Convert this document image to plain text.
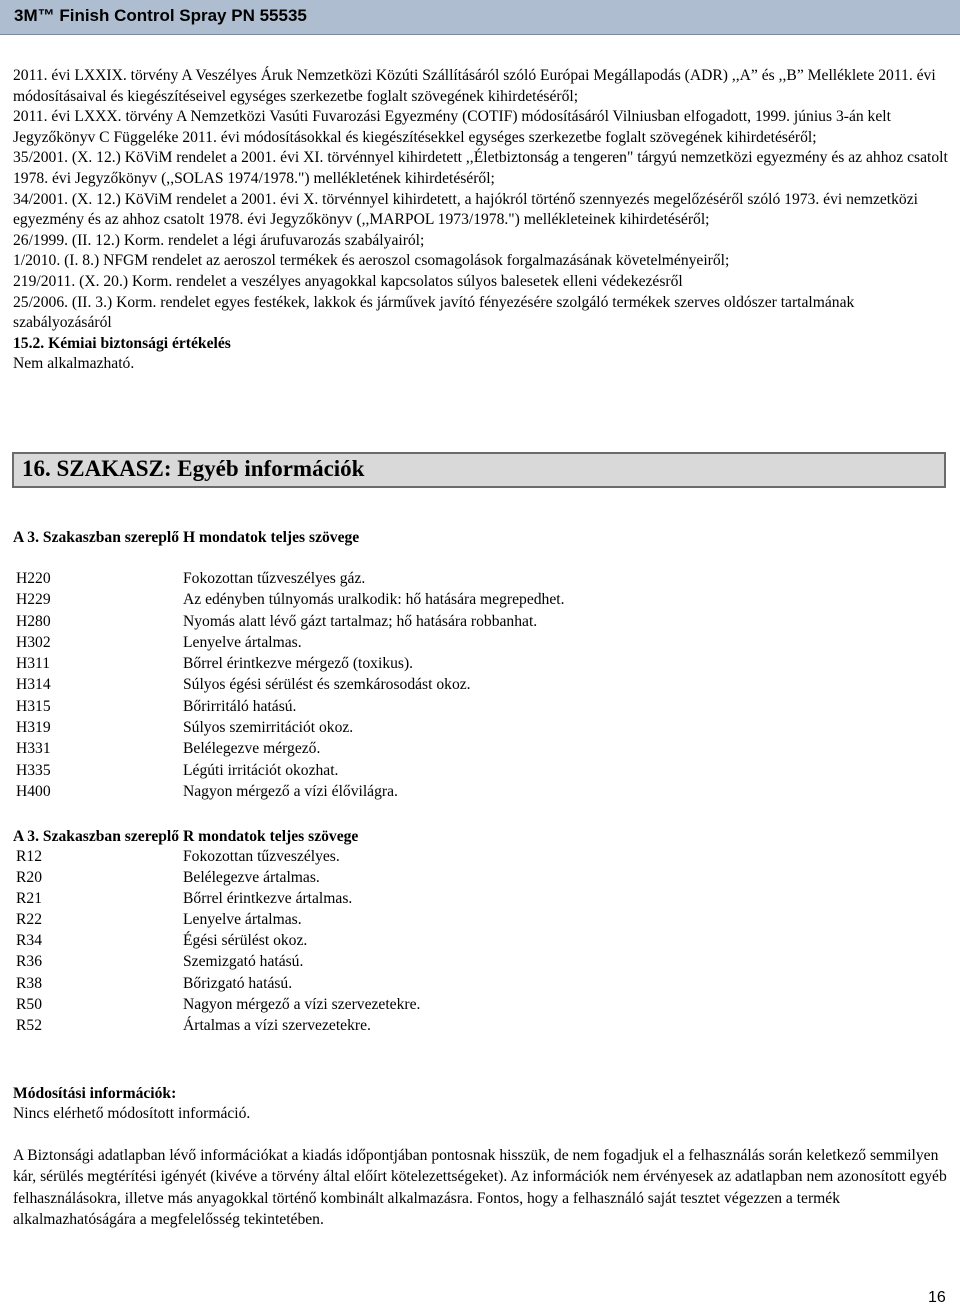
3M™ Finish Control Spray PN 55535

2011. évi LXXIX. törvény A Veszélyes Áruk Nemzetközi Közúti Szállításáról szóló Európai Megállapodás (ADR) ,,A” és ,,B” Melléklete 2011. évi módosításaival és kiegészítéseivel egységes szerkezetbe foglalt szövegének kihirdetéséről;

2011. évi LXXX. törvény A Nemzetközi Vasúti Fuvarozási Egyezmény (COTIF) módosításáról Vilniusban elfogadott, 1999. június 3-án kelt Jegyzőkönyv C Függeléke 2011. évi módosításokkal és kiegészítésekkel egységes szerkezetbe foglalt szövegének kihirdetéséről;

35/2001. (X. 12.) KöViM rendelet a 2001. évi XI. törvénnyel kihirdetett ,,Életbiztonság a tengeren" tárgyú nemzetközi egyezmény és az ahhoz csatolt 1978. évi Jegyzőkönyv (,,SOLAS 1974/1978.") mellékletének kihirdetéséről;

34/2001. (X. 12.) KöViM rendelet a 2001. évi X. törvénnyel kihirdetett, a hajókról történő szennyezés megelőzéséről szóló 1973. évi nemzetközi egyezmény és az ahhoz csatolt 1978. évi Jegyzőkönyv (,,MARPOL 1973/1978.") mellékleteinek kihirdetéséről;

26/1999. (II. 12.) Korm. rendelet a légi árufuvarozás szabályairól;

1/2010. (I. 8.) NFGM rendelet az aeroszol termékek és aeroszol csomagolások forgalmazásának követelményeiről;

219/2011. (X. 20.) Korm. rendelet a veszélyes anyagokkal kapcsolatos súlyos balesetek elleni védekezésről

25/2006. (II. 3.) Korm. rendelet egyes festékek, lakkok és járművek javító fényezésére szolgáló termékek szerves oldószer tartalmának szabályozásáról

15.2. Kémiai biztonsági értékelés
Nem alkalmazható.
16. SZAKASZ: Egyéb információk
A 3. Szakaszban szereplő H mondatok teljes szövege
H220	Fokozottan tűzveszélyes gáz.
H229	Az edényben túlnyomás uralkodik: hő hatására megrepedhet.
H280	Nyomás alatt lévő gázt tartalmaz; hő hatására robbanhat.
H302	Lenyelve ártalmas.
H311	Bőrrel érintkezve mérgező (toxikus).
H314	Súlyos égési sérülést és szemkárosodást okoz.
H315	Bőrirritáló hatású.
H319	Súlyos szemirritációt okoz.
H331	Belélegezve mérgező.
H335	Légúti irritációt okozhat.
H400	Nagyon mérgező a vízi élővilágra.
A 3. Szakaszban szereplő R mondatok teljes szövege
R12	Fokozottan tűzveszélyes.
R20	Belélegezve ártalmas.
R21	Bőrrel érintkezve ártalmas.
R22	Lenyelve ártalmas.
R34	Égési sérülést okoz.
R36	Szemizgató hatású.
R38	Bőrizgató hatású.
R50	Nagyon mérgező a vízi szervezetekre.
R52	Ártalmas a vízi szervezetekre.
Módosítási információk:
Nincs elérhető módosított információ.
A Biztonsági adatlapban lévő információkat a kiadás időpontjában pontosnak hisszük, de nem fogadjuk el a felhasználás során keletkező semmilyen kár, sérülés megtérítési igényét (kivéve a törvény által előírt kötelezettségeket). Az információk nem érvényesek az adatlapban nem azonosított egyéb felhasználásokra, illetve más anyagokkal történő kombinált alkalmazásra. Fontos, hogy a felhasználó saját tesztet végezzen a termék alkalmazhatóságára a megfelelősség tekintetében.
16
